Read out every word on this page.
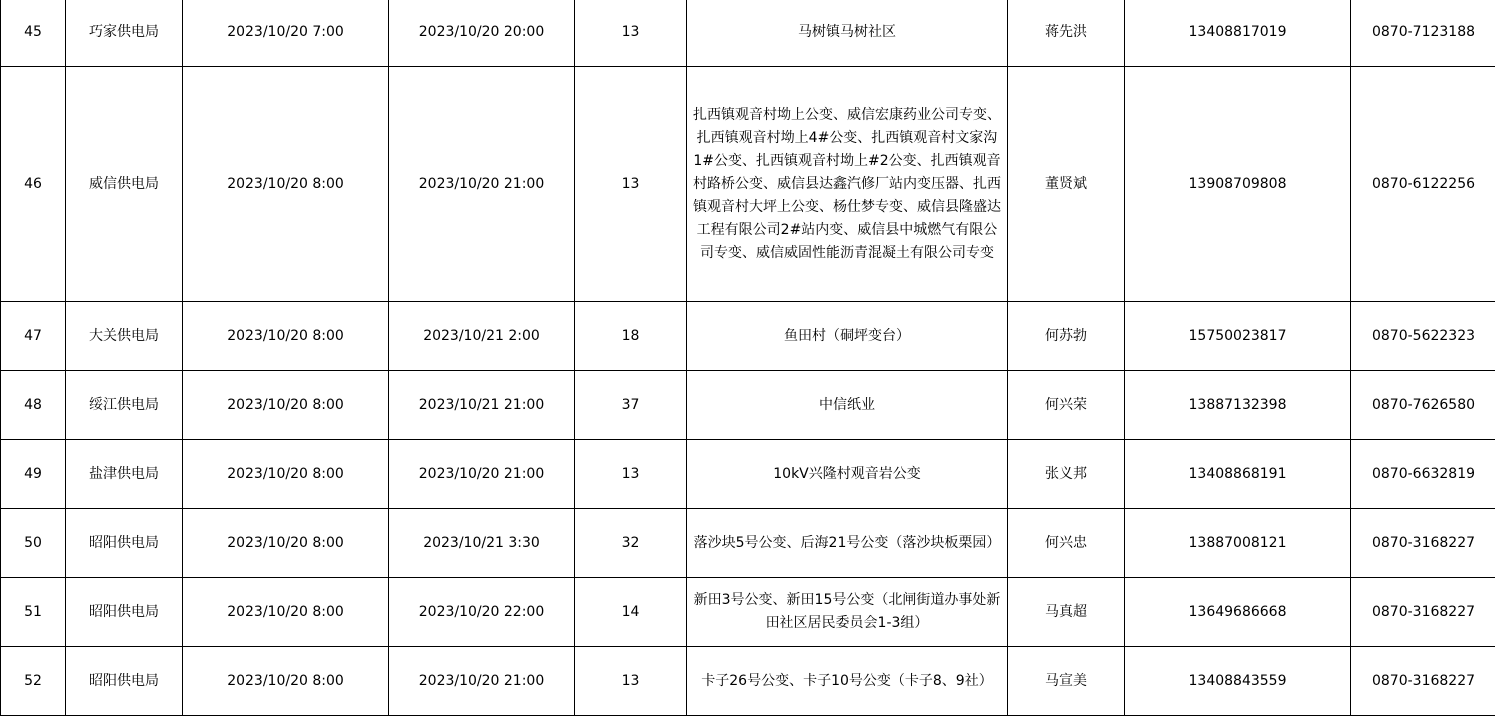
45	巧家供电局	2023/10/20 7:00	2023/10/20 20:00	13	马树镇马树社区	蒋先洪	13408817019	0870-7123188
46	威信供电局	2023/10/20 8:00	2023/10/20 21:00	13	扎西镇观音村坳上公变、威信宏康药业公司专变、扎西镇观音村坳上4#公变、扎西镇观音村文家沟1#公变、扎西镇观音村坳上#2公变、扎西镇观音村路桥公变、威信县达鑫汽修厂站内变压器、扎西镇观音村大坪上公变、杨仕梦专变、威信县隆盛达工程有限公司2#站内变、威信县中城燃气有限公司专变、威信威固性能沥青混凝土有限公司专变	董贤斌	13908709808	0870-6122256
47	大关供电局	2023/10/20 8:00	2023/10/21 2:00	18	鱼田村（硐坪变台）	何苏勃	15750023817	0870-5622323
48	绥江供电局	2023/10/20 8:00	2023/10/21 21:00	37	中信纸业	何兴荣	13887132398	0870-7626580
49	盐津供电局	2023/10/20 8:00	2023/10/20 21:00	13	10kV兴隆村观音岩公变	张义邦	13408868191	0870-6632819
50	昭阳供电局	2023/10/20 8:00	2023/10/21 3:30	32	落沙块5号公变、后海21号公变（落沙块板栗园）	何兴忠	13887008121	0870-3168227
51	昭阳供电局	2023/10/20 8:00	2023/10/20 22:00	14	新田3号公变、新田15号公变（北闸街道办事处新田社区居民委员会1-3组）	马真超	13649686668	0870-3168227
52	昭阳供电局	2023/10/20 8:00	2023/10/20 21:00	13	卡子26号公变、卡子10号公变（卡子8、9社）	马宣美	13408843559	0870-3168227
